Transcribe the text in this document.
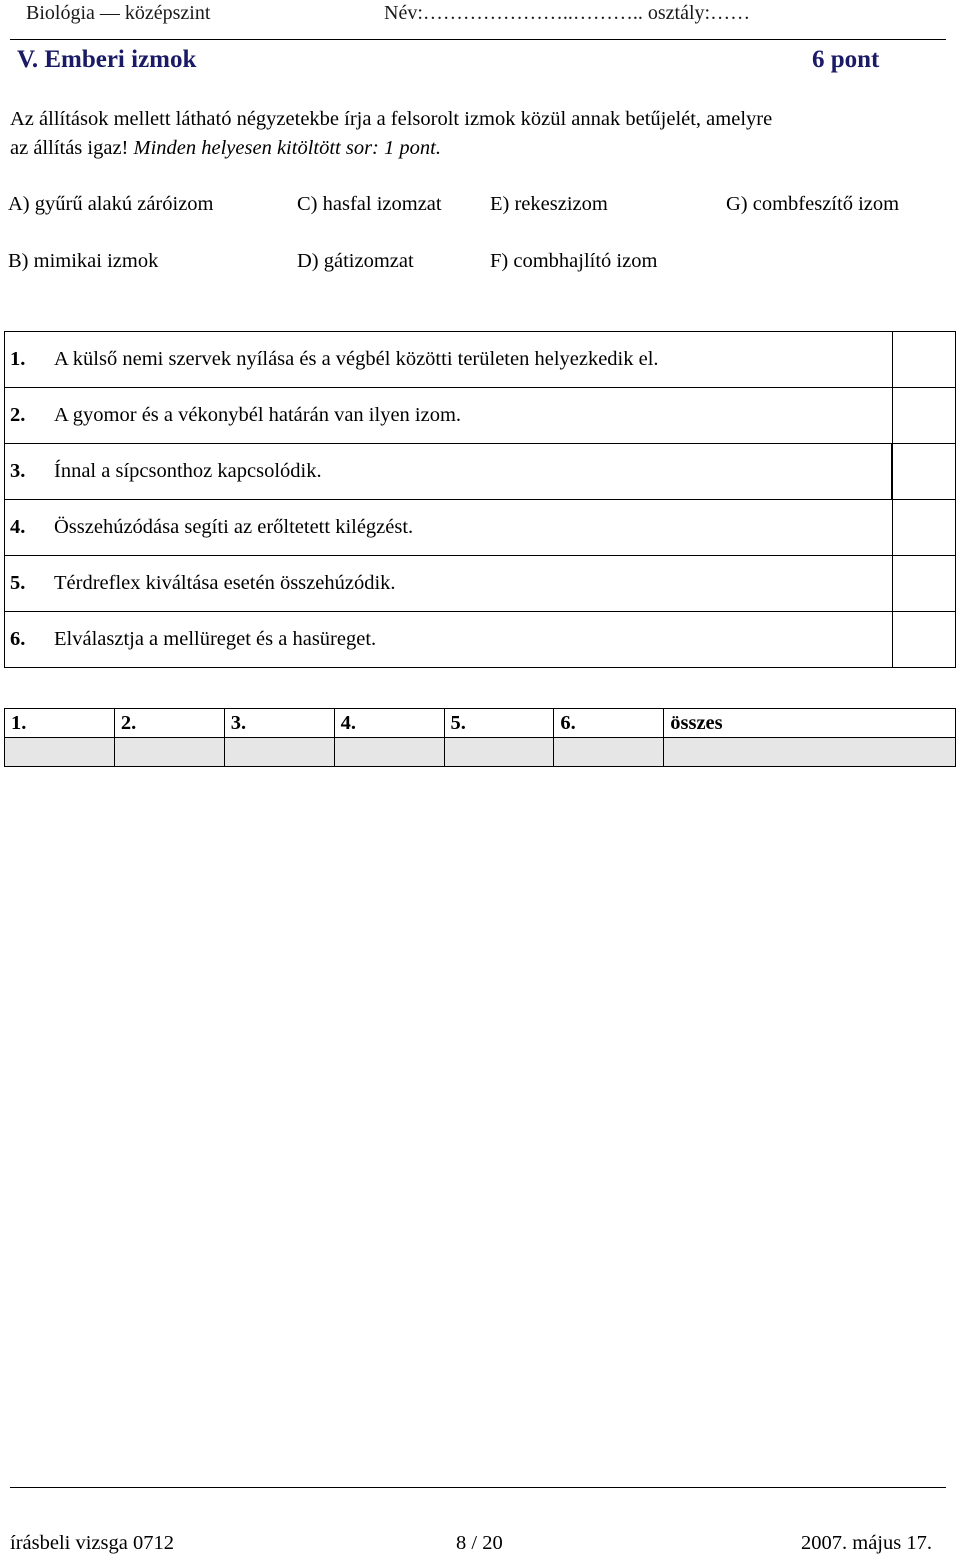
Biológia — középszint	Név:…………………..……….. osztály:……
V. Emberi izmok	6 pont
Az állítások mellett látható négyzetekbe írja a felsorolt izmok közül annak betűjelét, amelyre
az állítás igaz! Minden helyesen kitöltött sor: 1 pont.
A) gyűrű alakú záróizom	C) hasfal izomzat E) rekeszizom	G) combfeszítő izom
B) mimikai izmok	D) gátizomzat	F) combhajlító izom
1.	A külső nemi szervek nyílása és a végbél közötti területen helyezkedik el.	
2.	A gyomor és a vékonybél határán van ilyen izom.	
3.	Ínnal a sípcsonthoz kapcsolódik.

4.	Összehúzódása segíti az erőltetett kilégzést.	
5.	Térdreflex kiváltása esetén összehúzódik.	
6.	Elválasztja a mellüreget és a hasüreget.	
1.	2.	3.	4.	5.	6.	összes

írásbeli vizsga 0712	8 / 20	2007. május 17.
